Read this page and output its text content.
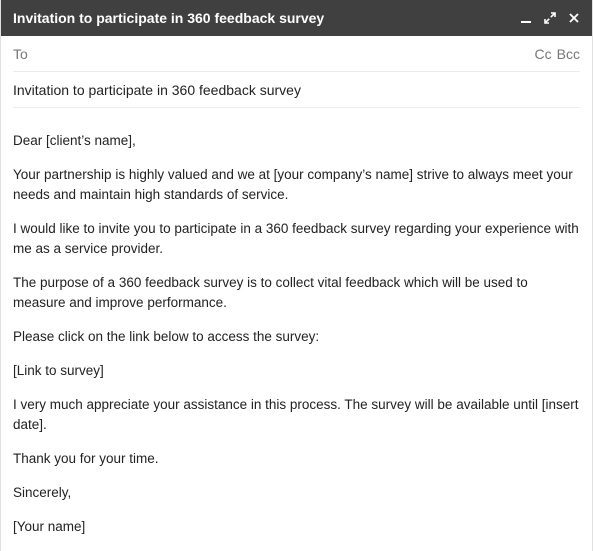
Invitation to participate in 360 feedback survey
To	Cc Bcc
Invitation to participate in 360 feedback survey

Dear [client’s name],

Your partnership is highly valued and we at [your company’s name] strive to always meet your needs and maintain high standards of service.

I would like to invite you to participate in a 360 feedback survey regarding your experience with me as a service provider.

The purpose of a 360 feedback survey is to collect vital feedback which will be used to measure and improve performance.

Please click on the link below to access the survey:

[Link to survey]

I very much appreciate your assistance in this process. The survey will be available until [insert date].

Thank you for your time.

Sincerely,

[Your name]
